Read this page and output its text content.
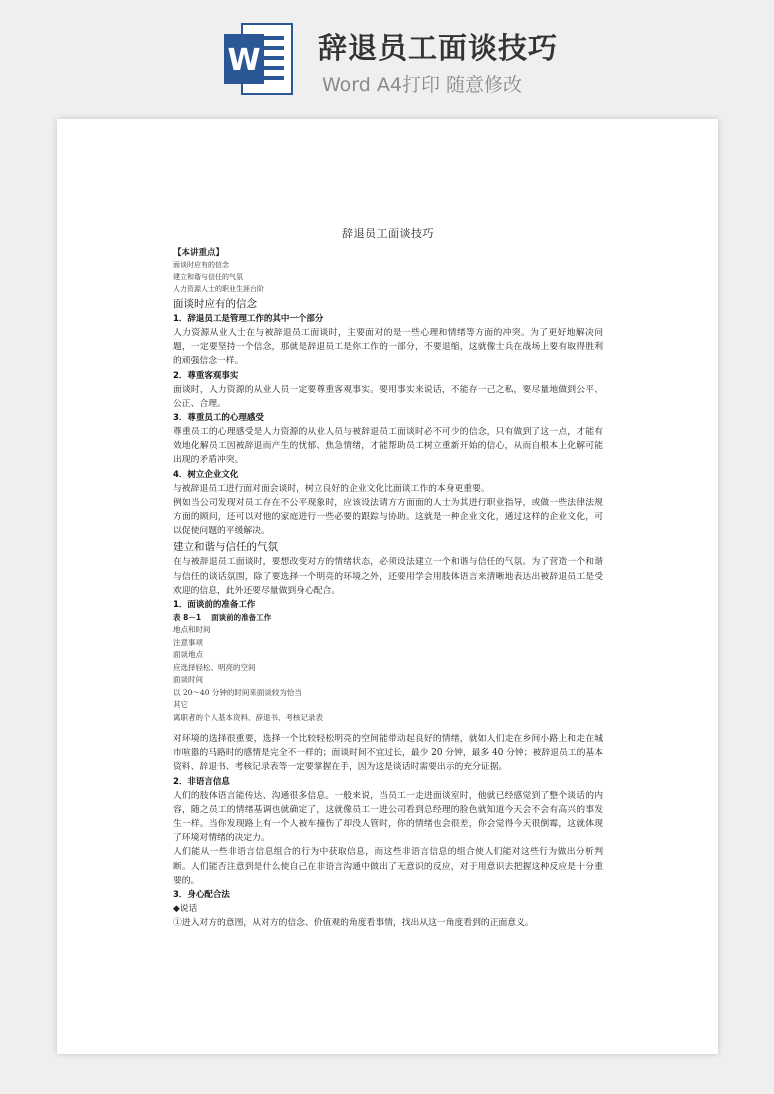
W 辞退员工面谈技巧
Word A4打印 随意修改
辞退员工面谈技巧
【本讲重点】
面谈时应有的信念
建立和谐与信任的气氛
人力资源人士的职业生涯台阶
面谈时应有的信念
1．辞退员工是管理工作的其中一个部分
人力资源从业人士在与被辞退员工面谈时，主要面对的是一些心理和情绪等方面的冲突。为了更好地解决问题，一定要坚持一个信念，那就是辞退员工是你工作的一部分，不要退缩，这就像士兵在战场上要有取得胜利的顽强信念一样。
2．尊重客观事实
面谈时，人力资源的从业人员一定要尊重客观事实。要用事实来说话，不能存一己之私，要尽量地做到公平、公正、合理。
3．尊重员工的心理感受
尊重员工的心理感受是人力资源的从业人员与被辞退员工面谈时必不可少的信念，只有做到了这一点，才能有效地化解员工因被辞退而产生的忧郁、焦急情绪，才能帮助员工树立重新开始的信心，从而自根本上化解可能出现的矛盾冲突。
4．树立企业文化
与被辞退员工进行面对面会谈时，树立良好的企业文化比面谈工作的本身更重要。
例如当公司发现对员工存在不公平现象时，应该设法请方方面面的人士为其进行职业指导，或做一些法律法规方面的顾问，还可以对他的家庭进行一些必要的跟踪与协助。这就是一种企业文化，通过这样的企业文化，可以促使问题的平缓解决。
建立和谐与信任的气氛
在与被辞退员工面谈时，要想改变对方的情绪状态，必须设法建立一个和谐与信任的气氛。为了营造一个和谐与信任的谈话氛围，除了要选择一个明亮的环境之外，还要用学会用肢体语言来清晰地表达出被辞退员工是受欢迎的信息，此外还要尽量做到身心配合。
1．面谈前的准备工作
表 8－1　 面谈前的准备工作
地点和时间
注意事项
面谈地点
应选择轻松、明亮的空间
面谈时间
以 20～40 分钟的时间来面谈较为恰当
其它
离职者的个人基本资料、辞退书、考核记录表
对环境的选择很重要，选择一个比较轻松明亮的空间能带动起良好的情绪，就如人们走在乡间小路上和走在城市喧嚣的马路时的感情是完全不一样的；面谈时间不宜过长，最少 20 分钟，最多 40 分钟；被辞退员工的基本资料、辞退书、考核记录表等一定要掌握在手，因为这是谈话时需要出示的充分证据。
2．非语言信息
人们的肢体语言能传达、沟通很多信息。一般来说，当员工一走进面谈室时，他就已经感觉到了整个谈话的内容，随之员工的情绪基调也就确定了，这就像员工一进公司看到总经理的脸色就知道今天会不会有高兴的事发生一样。当你发现路上有一个人被车撞伤了却没人管时，你的情绪也会很差，你会觉得今天很倒霉，这就体现了环境对情绪的决定力。
人们能从一些非语言信息组合的行为中获取信息，而这些非语言信息的组合使人们能对这些行为做出分析判断。人们能否注意到是什么使自己在非语言沟通中做出了无意识的反应，对于用意识去把握这种反应是十分重要的。
3．身心配合法
◆说话
①进入对方的意图，从对方的信念、价值观的角度看事情，找出从这一角度看到的正面意义。
